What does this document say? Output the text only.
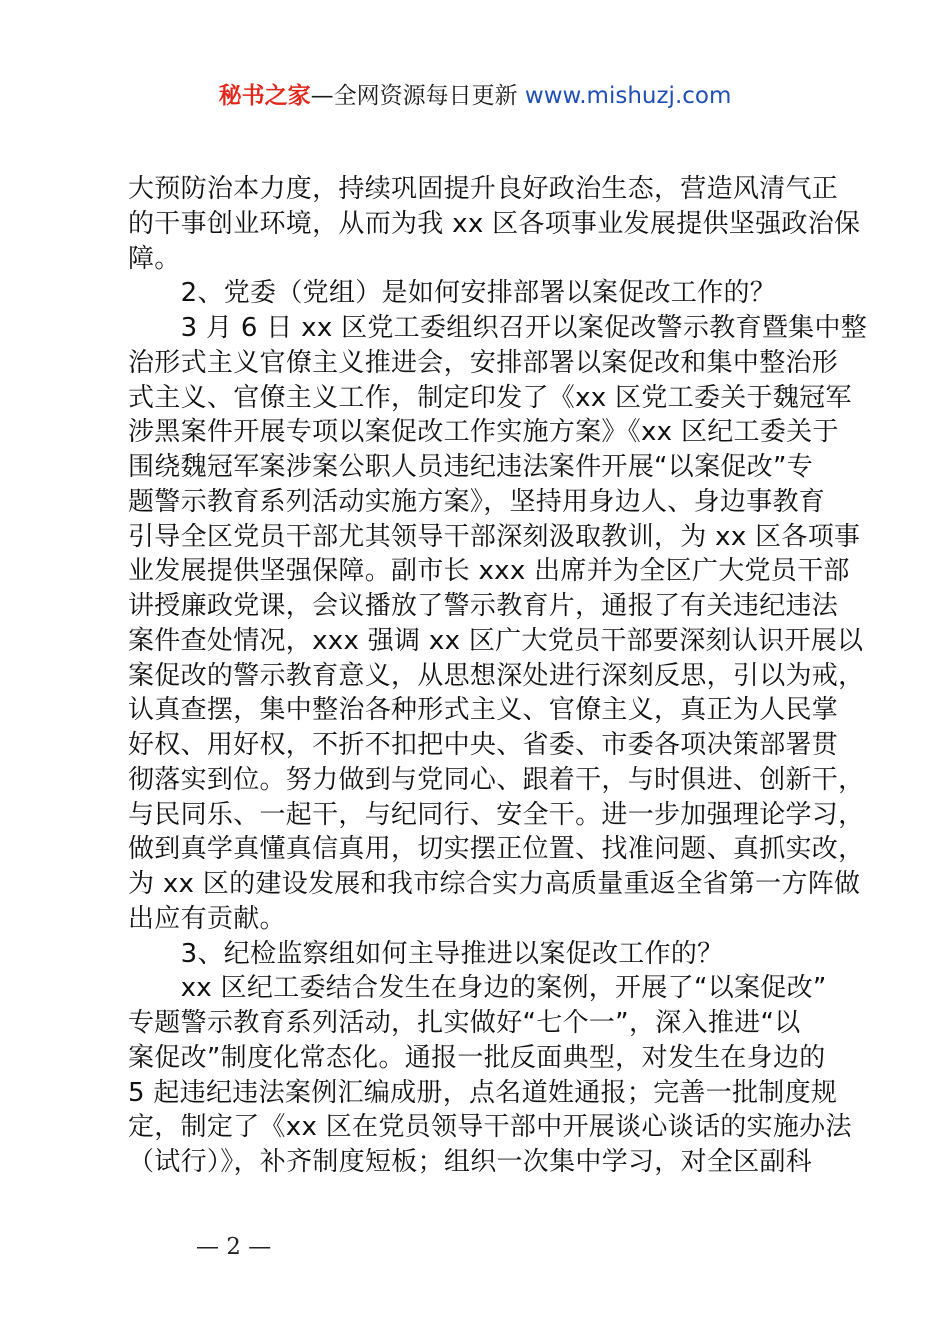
秘书之家—全网资源每日更新 www.mishuzj.com
大预防治本力度，持续巩固提升良好政治生态，营造风清气正
的干事创业环境，从而为我 xx 区各项事业发展提供坚强政治保
障。
　　2、党委（党组）是如何安排部署以案促改工作的？
　　3 月 6 日 xx 区党工委组织召开以案促改警示教育暨集中整
治形式主义官僚主义推进会，安排部署以案促改和集中整治形
式主义、官僚主义工作，制定印发了《xx 区党工委关于魏冠军
涉黑案件开展专项以案促改工作实施方案》《xx 区纪工委关于
围绕魏冠军案涉案公职人员违纪违法案件开展“以案促改”专
题警示教育系列活动实施方案》，坚持用身边人、身边事教育
引导全区党员干部尤其领导干部深刻汲取教训，为 xx 区各项事
业发展提供坚强保障。副市长 xxx 出席并为全区广大党员干部
讲授廉政党课，会议播放了警示教育片，通报了有关违纪违法
案件查处情况，xxx 强调 xx 区广大党员干部要深刻认识开展以
案促改的警示教育意义，从思想深处进行深刻反思，引以为戒，
认真查摆，集中整治各种形式主义、官僚主义，真正为人民掌
好权、用好权，不折不扣把中央、省委、市委各项决策部署贯
彻落实到位。努力做到与党同心、跟着干，与时俱进、创新干，
与民同乐、一起干，与纪同行、安全干。进一步加强理论学习，
做到真学真懂真信真用，切实摆正位置、找准问题、真抓实改，
为 xx 区的建设发展和我市综合实力高质量重返全省第一方阵做
出应有贡献。
　　3、纪检监察组如何主导推进以案促改工作的？
　　xx 区纪工委结合发生在身边的案例，开展了“以案促改”
专题警示教育系列活动，扎实做好“七个一”，深入推进“以
案促改”制度化常态化。通报一批反面典型，对发生在身边的
5 起违纪违法案例汇编成册，点名道姓通报；完善一批制度规
定，制定了《xx 区在党员领导干部中开展谈心谈话的实施办法
（试行）》，补齐制度短板；组织一次集中学习，对全区副科
— 2 —
